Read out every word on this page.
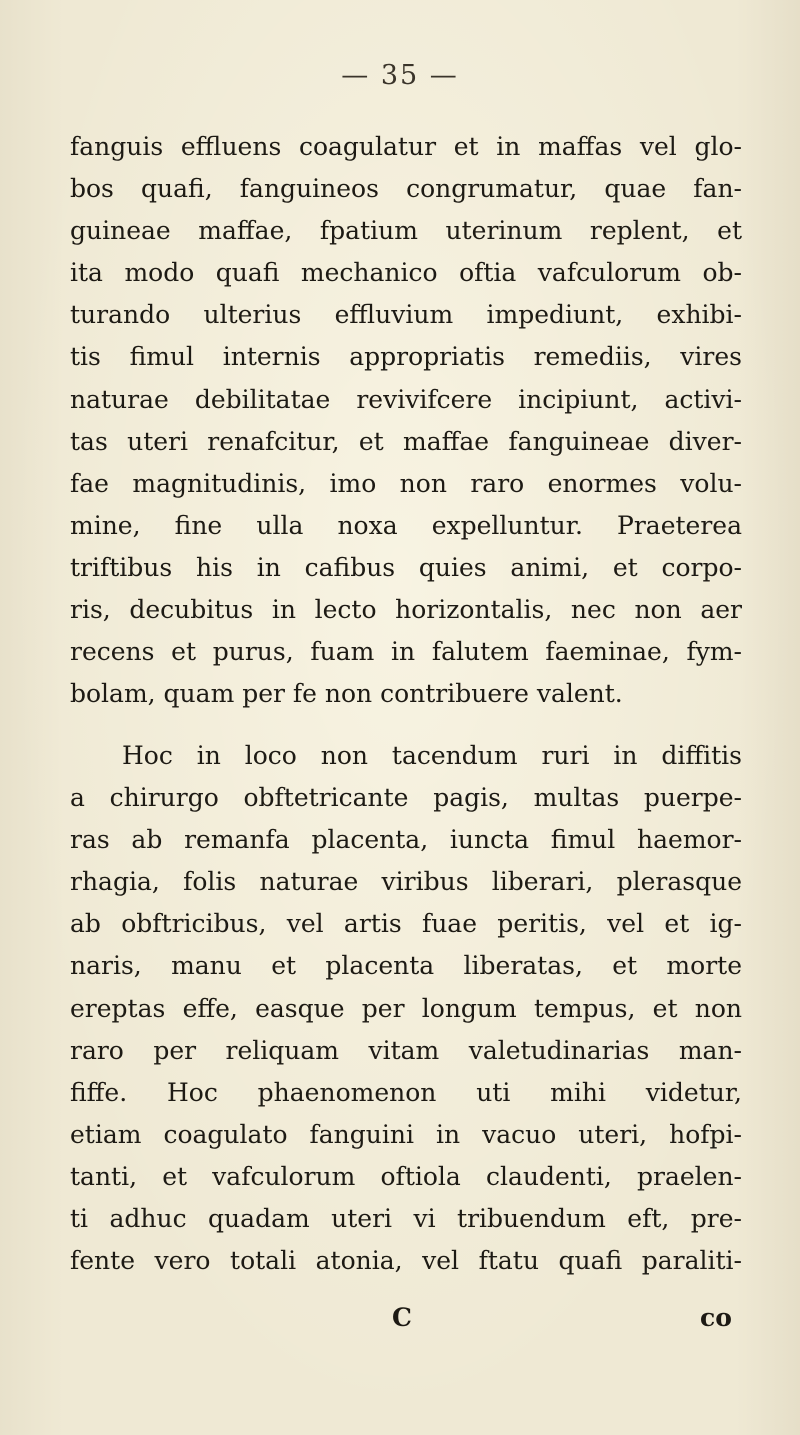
— 35 —
fanguis effluens coagulatur et in maffas vel glo-
bos quafi, fanguineos congrumatur, quae fan-
guineae maffae, fpatium uterinum replent, et
ita modo quafi mechanico oftia vafculorum ob-
turando ulterius effluvium impediunt, exhibi-
tis fimul internis appropriatis remediis, vires
naturae debilitatae revivifcere incipiunt, activi-
tas uteri renafcitur, et maffae fanguineae diver-
fae magnitudinis, imo non raro enormes volu-
mine, fine ulla noxa expelluntur. Praeterea
triftibus his in cafibus quies animi, et corpo-
ris, decubitus in lecto horizontalis, nec non aer
recens et purus, fuam in falutem faeminae, fym-
bolam, quam per fe non contribuere valent.
Hoc in loco non tacendum ruri in diffitis
a chirurgo obftetricante pagis, multas puerpe-
ras ab remanfa placenta, iuncta fimul haemor-
rhagia, folis naturae viribus liberari, plerasque
ab obftricibus, vel artis fuae peritis, vel et ig-
naris, manu et placenta liberatas, et morte
ereptas effe, easque per longum tempus, et non
raro per reliquam vitam valetudinarias man-
fiffe. Hoc phaenomenon uti mihi videtur,
etiam coagulato fanguini in vacuo uteri, hofpi-
tanti, et vafculorum oftiola claudenti, praelen-
ti adhuc quadam uteri vi tribuendum eft, pre-
fente vero totali atonia, vel ftatu quafi paraliti-
C	co
